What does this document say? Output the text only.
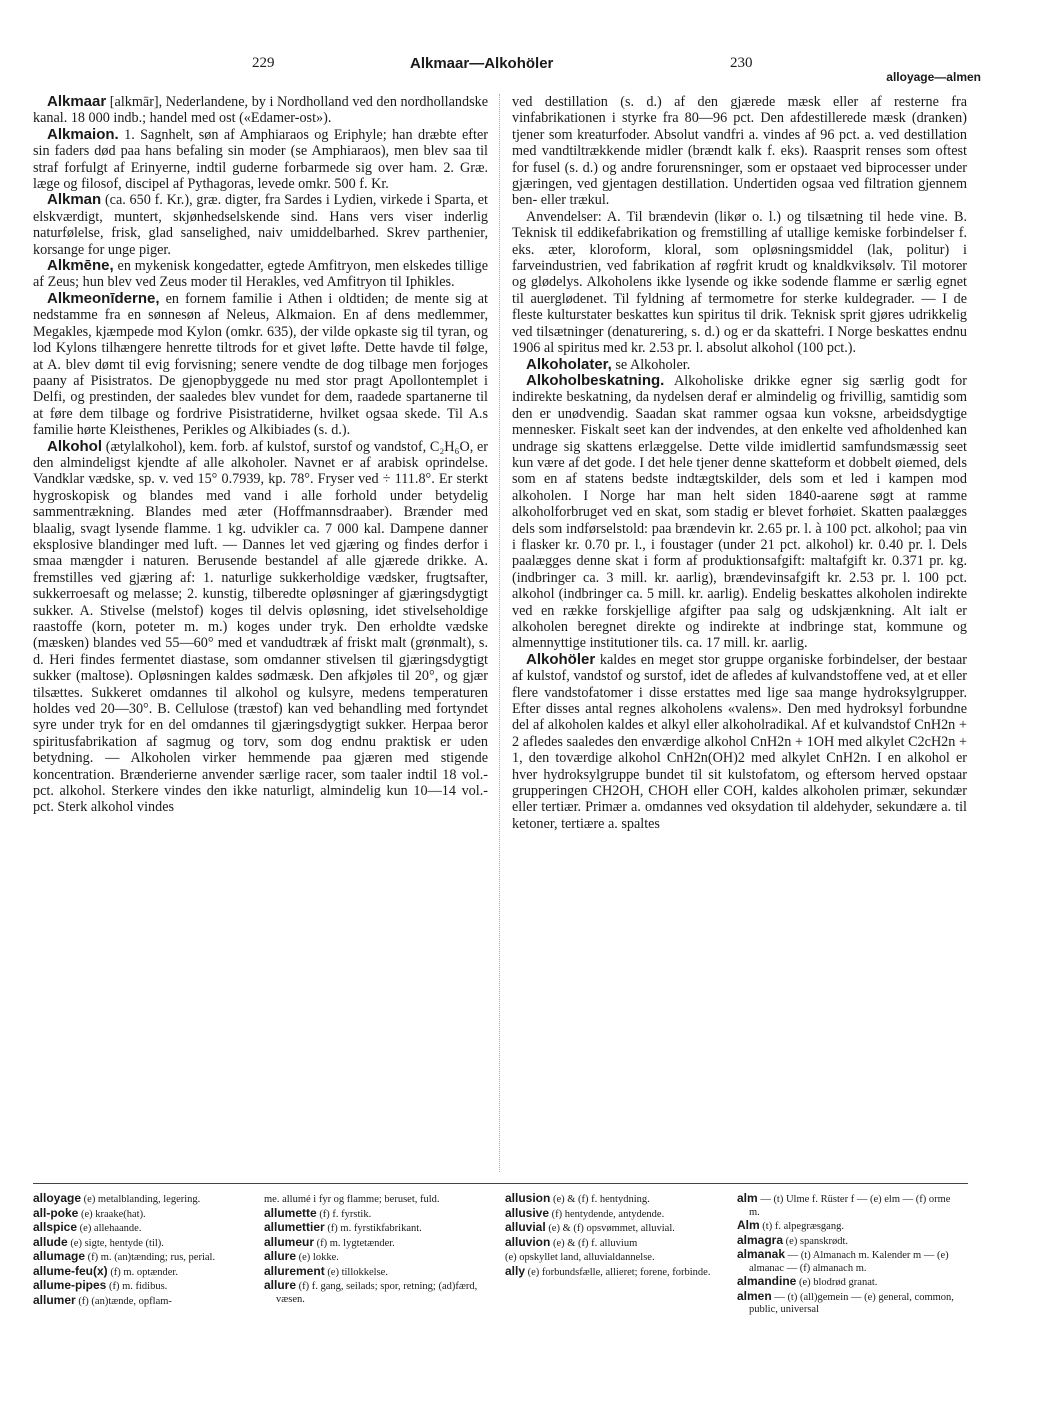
229	Alkmaar—Alkohöler	230
alloyage—almen

Alkmaar [alkmār], Nederlandene, by i Nordholland ved den nordhollandske kanal. 18 000 indb.; handel med ost («Edamer-ost»).

Alkmaion. 1. Sagnhelt, søn af Amphiaraos og Eriphyle; han dræbte efter sin faders død paa hans befaling sin moder (se Amphiaraos), men blev saa til straf forfulgt af Erinyerne, indtil guderne forbarmede sig over ham. 2. Græ. læge og filosof, discipel af Pythagoras, levede omkr. 500 f. Kr.

Alkman (ca. 650 f. Kr.), græ. digter, fra Sardes i Lydien, virkede i Sparta, et elskværdigt, muntert, skjønhedselskende sind. Hans vers viser inderlig naturfølelse, frisk, glad sanselighed, naiv umiddelbarhed. Skrev parthenier, korsange for unge piger.

Alkmēne, en mykenisk kongedatter, egtede Amfitryon, men elskedes tillige af Zeus; hun blev ved Zeus moder til Herakles, ved Amfitryon til Iphikles.

Alkmeonīderne, en fornem familie i Athen i oldtiden; de mente sig at nedstamme fra en sønnesøn af Neleus, Alkmaion. En af dens medlemmer, Megakles, kjæmpede mod Kylon (omkr. 635), der vilde opkaste sig til tyran, og lod Kylons tilhængere henrette tiltrods for et givet løfte. Dette havde til følge, at A. blev dømt til evig forvisning; senere vendte de dog tilbage men forjoges paany af Pisistratos. De gjenopbyggede nu med stor pragt Apollontemplet i Delfi, og prestinden, der saaledes blev vundet for dem, raadede spartanerne til at føre dem tilbage og fordrive Pisistratiderne, hvilket ogsaa skede. Til A.s familie hørte Kleisthenes, Perikles og Alkibiades (s. d.).

Alkohol (ætylalkohol), kem. forb. af kulstof, surstof og vandstof, C₂H₆O, er den almindeligst kjendte af alle alkoholer. Navnet er af arabisk oprindelse. Vandklar vædske, sp. v. ved 15° 0.7939, kp. 78°. Fryser ved ÷ 111.8°. Er sterkt hygroskopisk og blandes med vand i alle forhold under betydelig sammentrækning. Blandes med æter (Hoffmannsdraaber). Brænder med blaalig, svagt lysende flamme. 1 kg. udvikler ca. 7 000 kal. Dampene danner eksplosive blandinger med luft. — Dannes let ved gjæring og findes derfor i smaa mængder i naturen. Berusende bestandel af alle gjærede drikke. A. fremstilles ved gjæring af: 1. naturlige sukkerholdige vædsker, frugtsafter, sukkerroesaft og melasse; 2. kunstig, tilberedte opløsninger af gjæringsdygtigt sukker. A. Stivelse (melstof) koges til delvis opløsning, idet stivelseholdige raastoffe (korn, poteter m. m.) koges under tryk. Den erholdte vædske (mæsken) blandes ved 55—60° med et vandudtræk af friskt malt (grønmalt), s. d. Heri findes fermentet diastase, som omdanner stivelsen til gjæringsdygtigt sukker (maltose). Opløsningen kaldes sødmæsk. Den afkjøles til 20°, og gjær tilsættes. Sukkeret omdannes til alkohol og kulsyre, medens temperaturen holdes ved 20—30°. B. Cellulose (træstof) kan ved behandling med fortyndet syre under tryk for en del omdannes til gjæringsdygtigt sukker. Herpaa beror spiritusfabrikation af sagmug og torv, som dog endnu praktisk er uden betydning. — Alkoholen virker hemmende paa gjæren med stigende koncentration. Brænderierne anvender særlige racer, som taaler indtil 18 vol.-pct. alkohol. Sterkere vindes den ikke naturligt, almindelig kun 10—14 vol.-pct. Sterk alkohol vindes

ved destillation (s. d.) af den gjærede mæsk eller af resterne fra vinfabrikationen i styrke fra 80—96 pct. Den afdestillerede mæsk (dranken) tjener som kreaturfoder. Absolut vandfri a. vindes af 96 pct. a. ved destillation med vandtiltrækkende midler (brændt kalk f. eks). Raasprit renses som oftest for fusel (s. d.) og andre forurensninger, som er opstaaet ved biprocesser under gjæringen, ved gjentagen destillation. Undertiden ogsaa ved filtration gjennem ben- eller trækul.

Anvendelser: A. Til brændevin (likør o. l.) og tilsætning til hede vine. B. Teknisk til eddikefabrikation og fremstilling af utallige kemiske forbindelser f. eks. æter, kloroform, kloral, som opløsningsmiddel (lak, politur) i farveindustrien, ved fabrikation af røgfrit krudt og knaldkviksølv. Til motorer og glødelys. Alkoholens ikke lysende og ikke sodende flamme er særlig egnet til auerglødenet. Til fyldning af termometre for sterke kuldegrader. — I de fleste kulturstater beskattes kun spiritus til drik. Teknisk sprit gjøres udrikkelig ved tilsætninger (denaturering, s. d.) og er da skattefri. I Norge beskattes endnu 1906 al spiritus med kr. 2.53 pr. l. absolut alkohol (100 pct.).

Alkoholater, se Alkoholer.

Alkoholbeskatning. Alkoholiske drikke egner sig særlig godt for indirekte beskatning, da nydelsen deraf er almindelig og frivillig, samtidig som den er unødvendig. Saadan skat rammer ogsaa kun voksne, arbeidsdygtige mennesker. Fiskalt seet kan der indvendes, at den enkelte ved afholdenhed kan undrage sig skattens erlæggelse. Dette vilde imidlertid samfundsmæssig seet kun være af det gode. I det hele tjener denne skatteform et dobbelt øiemed, dels som en af statens bedste indtægtskilder, dels som et led i kampen mod alkoholen. I Norge har man helt siden 1840-aarene søgt at ramme alkoholforbruget ved en skat, som stadig er blevet forhøiet. Skatten paalægges dels som indførselstold: paa brændevin kr. 2.65 pr. l. à 100 pct. alkohol; paa vin i flasker kr. 0.70 pr. l., i foustager (under 21 pct. alkohol) kr. 0.40 pr. l. Dels paalægges denne skat i form af produktionsafgift: maltafgift kr. 0.371 pr. kg. (indbringer ca. 3 mill. kr. aarlig), brændevinsafgift kr. 2.53 pr. l. 100 pct. alkohol (indbringer ca. 5 mill. kr. aarlig). Endelig beskattes alkoholen indirekte ved en række forskjellige afgifter paa salg og udskjænkning. Alt ialt er alkoholen beregnet direkte og indirekte at indbringe stat, kommune og almennyttige institutioner tils. ca. 17 mill. kr. aarlig.

Alkohöler kaldes en meget stor gruppe organiske forbindelser, der bestaar af kulstof, vandstof og surstof, idet de afledes af kulvandstoffene ved, at et eller flere vandstofatomer i disse erstattes med lige saa mange hydroksylgrupper. Efter disses antal regnes alkoholens «valens». Den med hydroksyl forbundne del af alkoholen kaldes et alkyl eller alkoholradikal. Af et kulvandstof CnH2n + 2 afledes saaledes den enværdige alkohol CnH2n + 1OH med alkylet C2cH2n + 1, den toværdige alkohol CnH2n(OH)2 med alkylet CnH2n. I en alkohol er hver hydroksylgruppe bundet til sit kulstofatom, og eftersom herved opstaar grupperingen CH2OH, CHOH eller COH, kaldes alkoholen primær, sekundær eller tertiær. Primær a. omdannes ved oksydation til aldehyder, sekundære a. til ketoner, tertiære a. spaltes

alloyage (e) metalblanding, legering.

all-poke (e) kraake(hat).

allspice (e) allehaande.

allude (e) sigte, hentyde (til).

allumage (f) m. (an)tænding; rus, perial.

allume-feu(x) (f) m. optænder.

allume-pipes (f) m. fidibus.

allumer (f) (an)tænde, opflam-

me. allumé i fyr og flamme; beruset, fuld.

allumette (f) f. fyrstik.

allumettier (f) m. fyrstikfabrikant.

allumeur (f) m. lygtetænder.

allure (e) lokke.

allurement (e) tillokkelse.

allure (f) f. gang, seilads; spor, retning; (ad)færd, væsen.

allusion (e) & (f) f. hentydning.

allusive (f) hentydende, antydende.

alluvial (e) & (f) opsvømmet, alluvial.

alluvion (e) & (f) f. alluvium

(e) opskyllet land, alluvialdannelse.

ally (e) forbundsfælle, allieret; forene, forbinde.

alm — (t) Ulme f. Rüster f — (e) elm — (f) orme m.

Alm (t) f. alpegræsgang.

almagra (e) spanskrødt.

almanak — (t) Almanach m. Kalender m — (e) almanac — (f) almanach m.

almandine (e) blodrød granat.

almen — (t) (all)gemein — (e) general, common, public, universal
